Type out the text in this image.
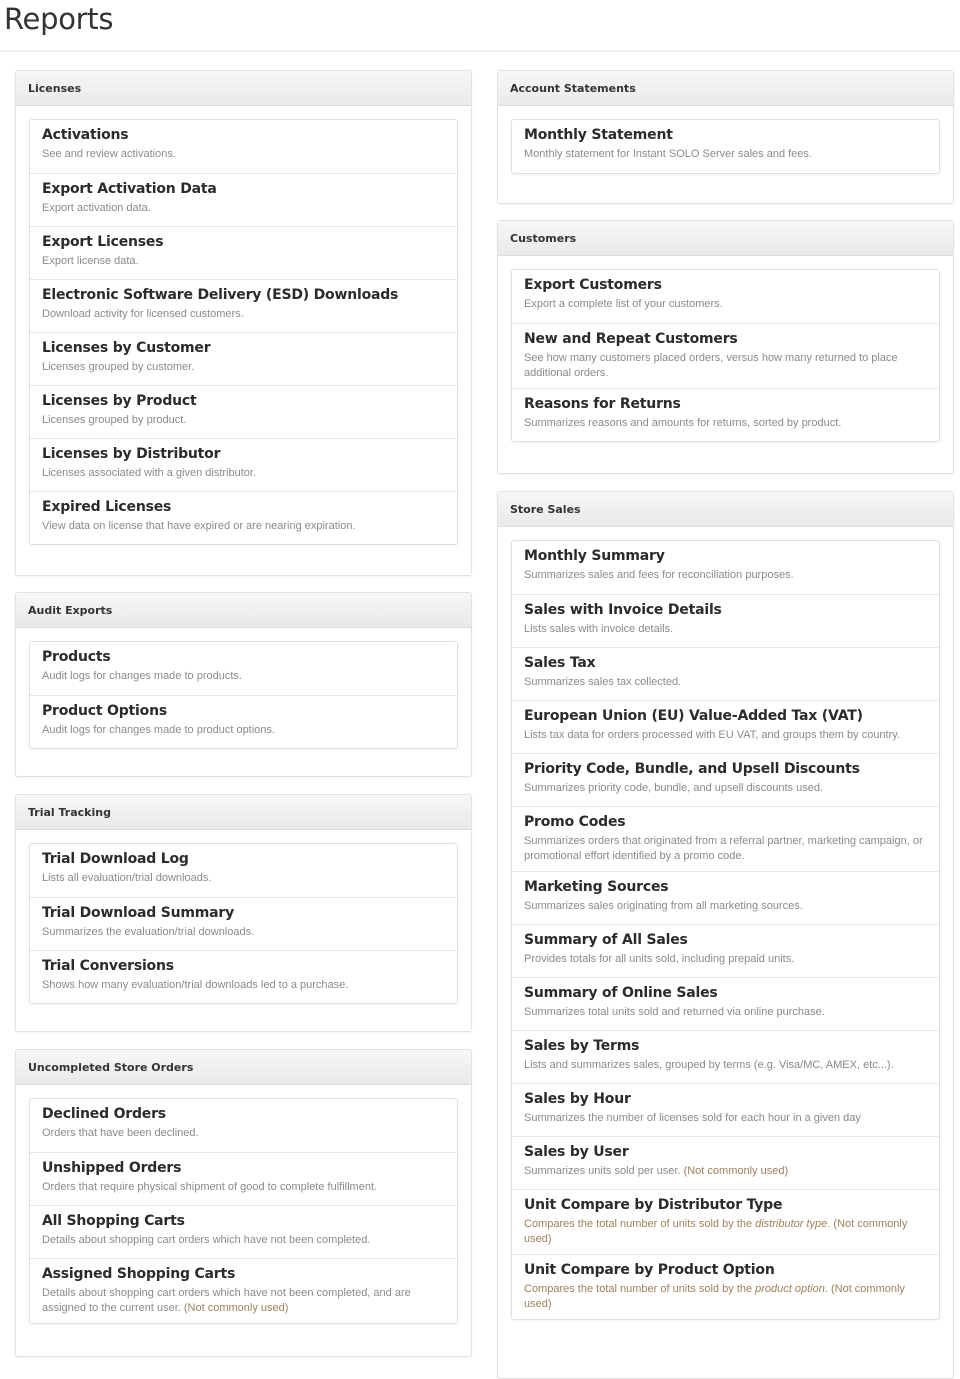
Reports
Licenses
Activations
See and review activations.
Export Activation Data
Export activation data.
Export Licenses
Export license data.
Electronic Software Delivery (ESD) Downloads
Download activity for licensed customers.
Licenses by Customer
Licenses grouped by customer.
Licenses by Product
Licenses grouped by product.
Licenses by Distributor
Licenses associated with a given distributor.
Expired Licenses
View data on license that have expired or are nearing expiration.
Audit Exports
Products
Audit logs for changes made to products.
Product Options
Audit logs for changes made to product options.
Trial Tracking
Trial Download Log
Lists all evaluation/trial downloads.
Trial Download Summary
Summarizes the evaluation/trial downloads.
Trial Conversions
Shows how many evaluation/trial downloads led to a purchase.
Uncompleted Store Orders
Declined Orders
Orders that have been declined.
Unshipped Orders
Orders that require physical shipment of good to complete fulfillment.
All Shopping Carts
Details about shopping cart orders which have not been completed.
Assigned Shopping Carts
Details about shopping cart orders which have not been completed, and are assigned to the current user. (Not commonly used)
Account Statements
Monthly Statement
Monthly statement for Instant SOLO Server sales and fees.
Customers
Export Customers
Export a complete list of your customers.
New and Repeat Customers
See how many customers placed orders, versus how many returned to place additional orders.
Reasons for Returns
Summarizes reasons and amounts for returns, sorted by product.
Store Sales
Monthly Summary
Summarizes sales and fees for reconciliation purposes.
Sales with Invoice Details
Lists sales with invoice details.
Sales Tax
Summarizes sales tax collected.
European Union (EU) Value-Added Tax (VAT)
Lists tax data for orders processed with EU VAT, and groups them by country.
Priority Code, Bundle, and Upsell Discounts
Summarizes priority code, bundle, and upsell discounts used.
Promo Codes
Summarizes orders that originated from a referral partner, marketing campaign, or promotional effort identified by a promo code.
Marketing Sources
Summarizes sales originating from all marketing sources.
Summary of All Sales
Provides totals for all units sold, including prepaid units.
Summary of Online Sales
Summarizes total units sold and returned via online purchase.
Sales by Terms
Lists and summarizes sales, grouped by terms (e.g. Visa/MC, AMEX, etc...).
Sales by Hour
Summarizes the number of licenses sold for each hour in a given day
Sales by User
Summarizes units sold per user. (Not commonly used)
Unit Compare by Distributor Type
Compares the total number of units sold by the distributor type. (Not commonly used)
Unit Compare by Product Option
Compares the total number of units sold by the product option. (Not commonly used)
